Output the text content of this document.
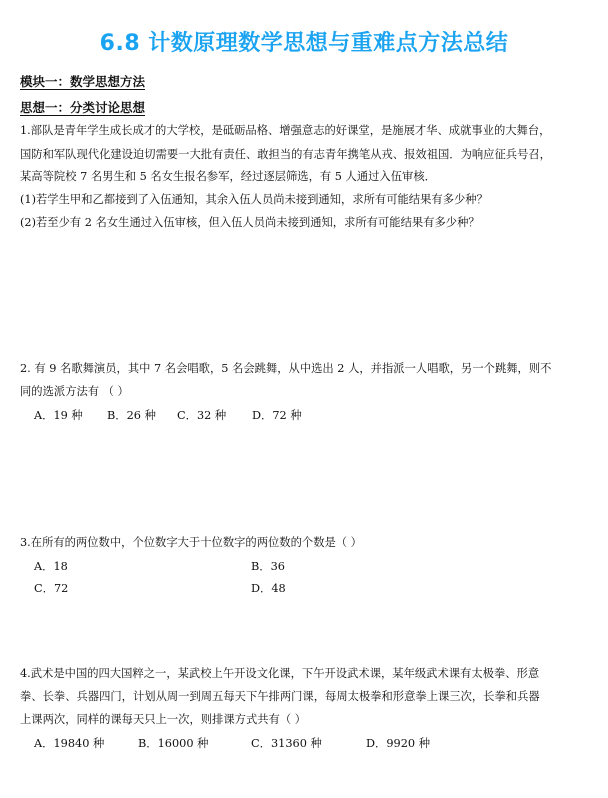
6.8 计数原理数学思想与重难点方法总结
模块一：数学思想方法
思想一：分类讨论思想
1.部队是青年学生成长成才的大学校，是砥砺品格、增强意志的好课堂，是施展才华、成就事业的大舞台，
国防和军队现代化建设迫切需要一大批有责任、敢担当的有志青年携笔从戎、报效祖国．为响应征兵号召，
某高等院校 7 名男生和 5 名女生报名参军，经过逐层筛选，有 5 人通过入伍审核．
(1)若学生甲和乙都接到了入伍通知，其余入伍人员尚未接到通知，求所有可能结果有多少种？
(2)若至少有 2 名女生通过入伍审核，但入伍人员尚未接到通知，求所有可能结果有多少种？
2. 有 9 名歌舞演员，其中 7 名会唱歌，5 名会跳舞，从中选出 2 人，并指派一人唱歌，另一个跳舞，则不
同的选派方法有 （ ）
A．19 种 B．26 种 C．32 种 D．72 种
3.在所有的两位数中，个位数字大于十位数字的两位数的个数是（ ）
A．18	B．36
C．72	D．48
4.武术是中国的四大国粹之一，某武校上午开设文化课，下午开设武术课，某年级武术课有太极拳、形意
拳、长拳、兵器四门，计划从周一到周五每天下午排两门课，每周太极拳和形意拳上课三次，长拳和兵器
上课两次，同样的课每天只上一次，则排课方式共有（ ）
A．19840 种	B．16000 种	C．31360 种	D．9920 种
